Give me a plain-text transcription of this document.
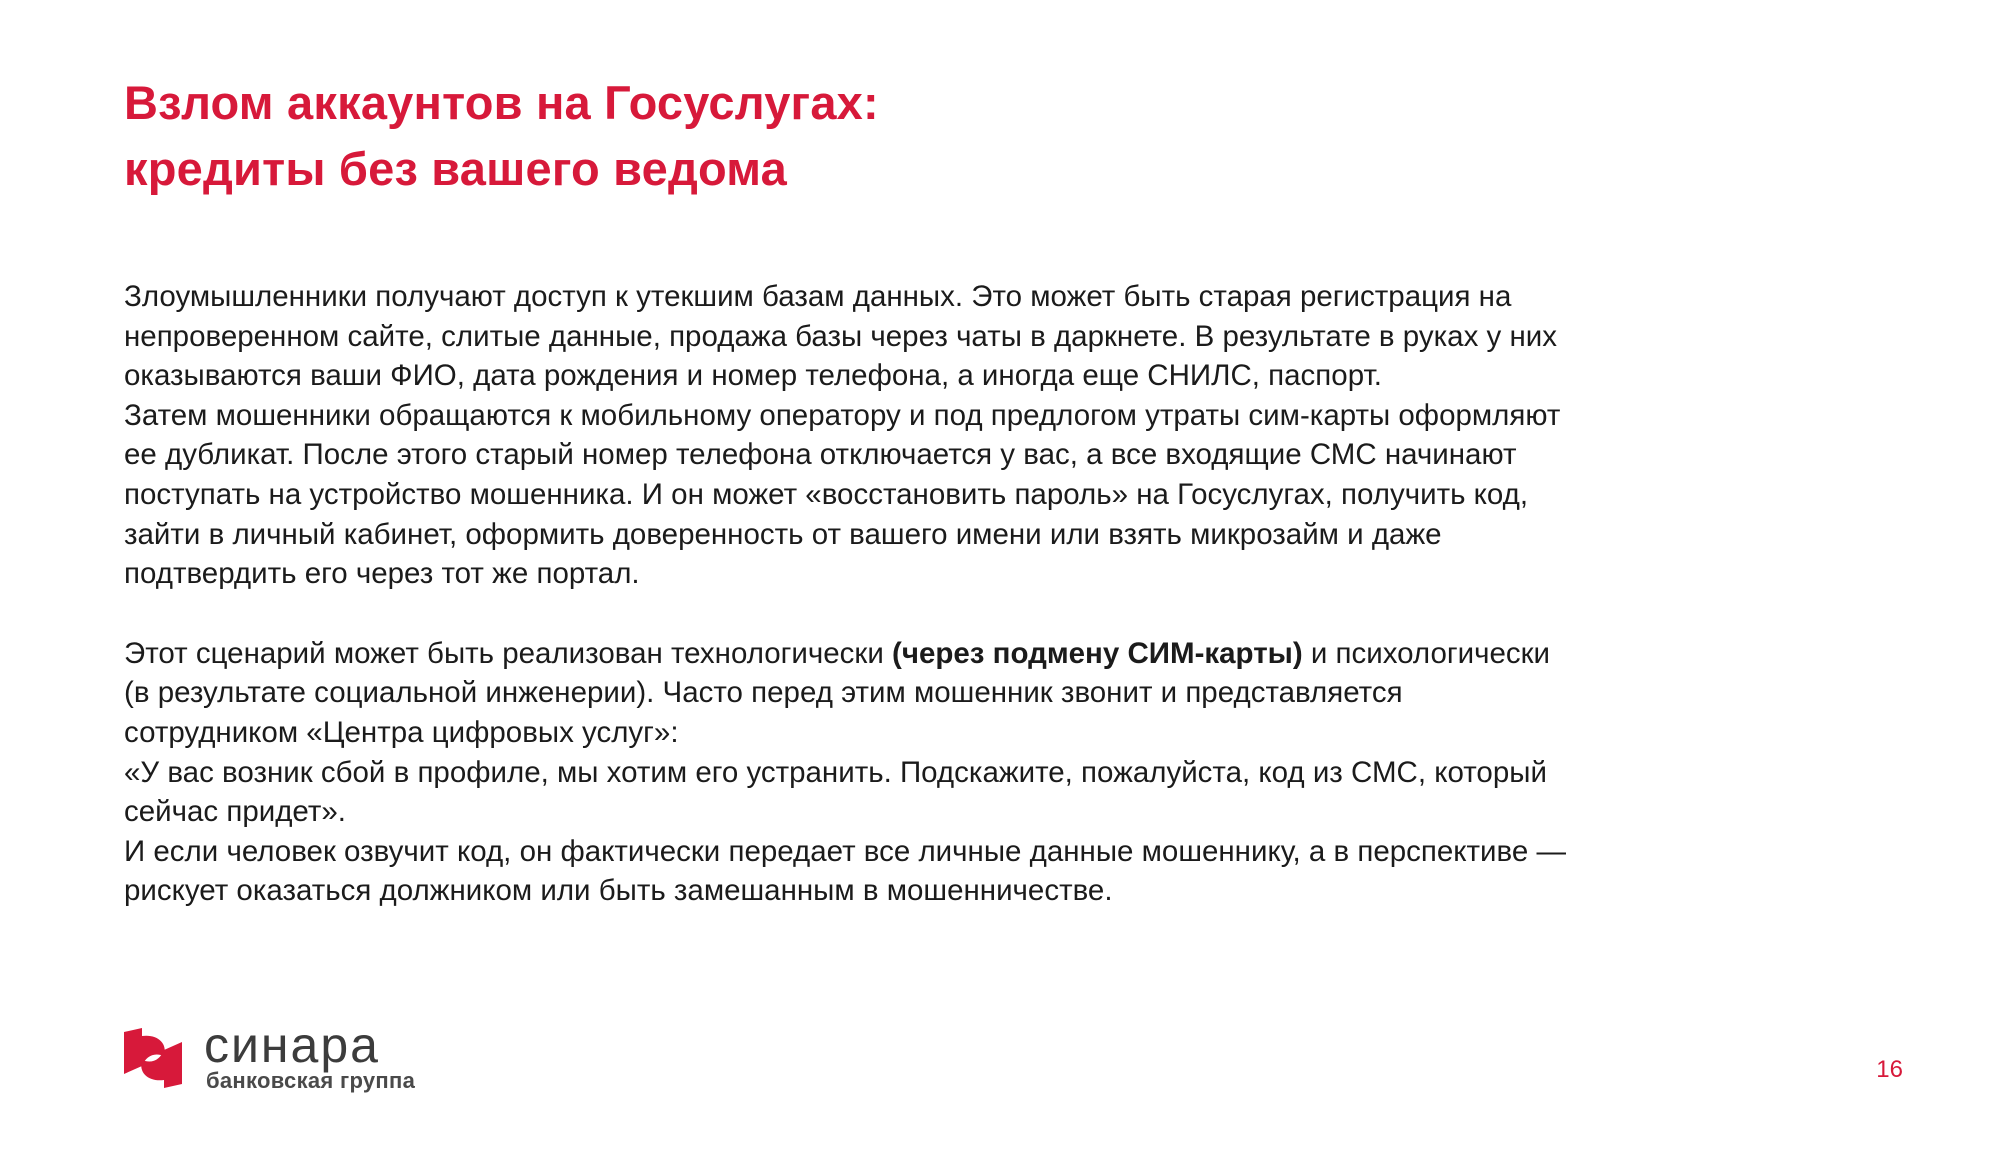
Взлом аккаунтов на Госуслугах:
кредиты без вашего ведома

Злоумышленники получают доступ к утекшим базам данных. Это может быть старая регистрация на

непроверенном сайте, слитые данные, продажа базы через чаты в даркнете. В результате в руках у них

оказываются ваши ФИО, дата рождения и номер телефона, а иногда еще СНИЛС, паспорт.

Затем мошенники обращаются к мобильному оператору и под предлогом утраты сим-карты оформляют

ее дубликат. После этого старый номер телефона отключается у вас, а все входящие СМС начинают

поступать на устройство мошенника. И он может «восстановить пароль» на Госуслугах, получить код,

зайти в личный кабинет, оформить доверенность от вашего имени или взять микрозайм и даже

подтвердить его через тот же портал.

Этот сценарий может быть реализован технологически (через подмену СИМ-карты) и психологически

(в результате социальной инженерии). Часто перед этим мошенник звонит и представляется

сотрудником «Центра цифровых услуг»:

«У вас возник сбой в профиле, мы хотим его устранить. Подскажите, пожалуйста, код из СМС, который

сейчас придет».

И если человек озвучит код, он фактически передает все личные данные мошеннику, а в перспективе —

рискует оказаться должником или быть замешанным в мошенничестве.

синара
банковская группа	16
